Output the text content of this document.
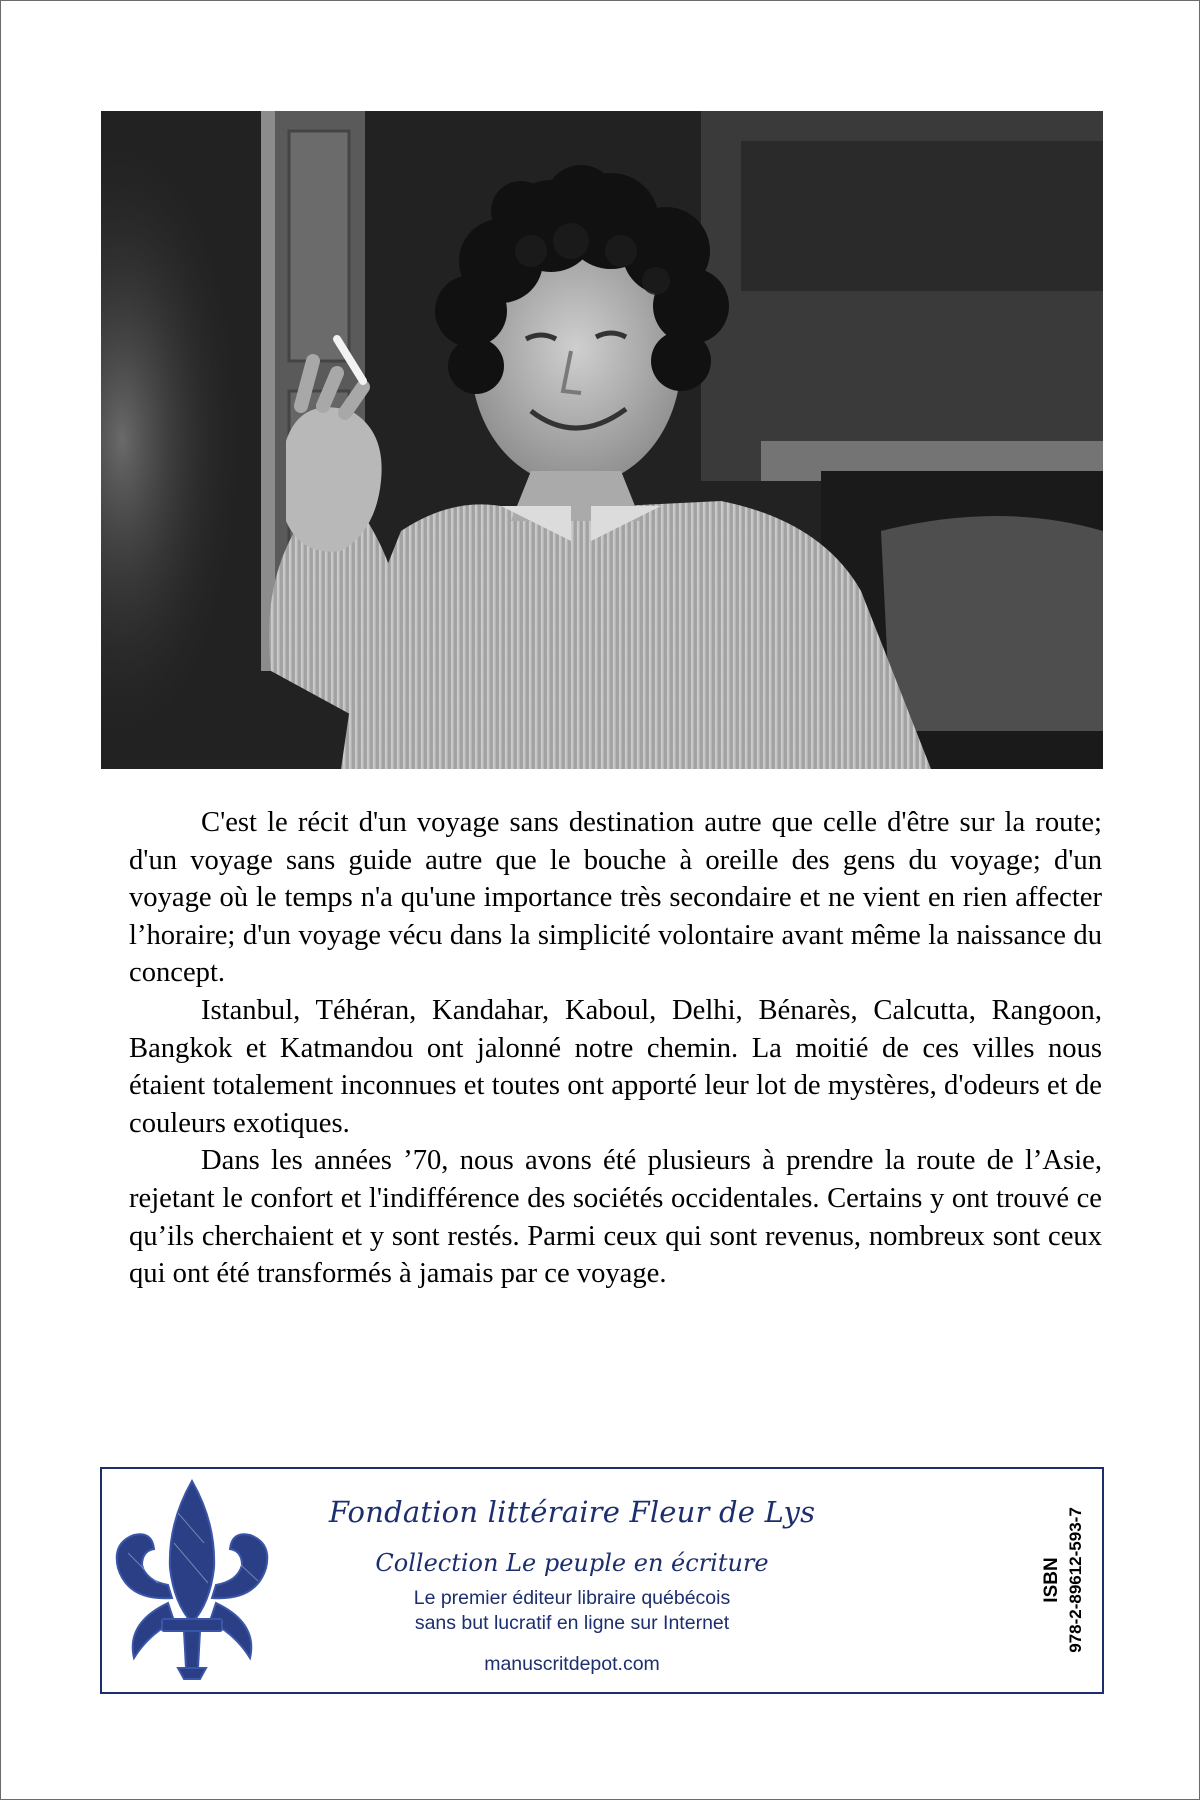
C'est le récit d'un voyage sans destination autre que celle d'être sur la route; d'un voyage sans guide autre que le bouche à oreille des gens du voyage; d'un voyage où le temps n'a qu'une importance très secondaire et ne vient en rien affecter l’horaire; d'un voyage vécu dans la simplicité volontaire avant même la naissance du concept.

Istanbul, Téhéran, Kandahar, Kaboul, Delhi, Bénarès, Calcutta, Rangoon, Bangkok et Katmandou ont jalonné notre chemin. La moitié de ces villes nous étaient totalement inconnues et toutes ont apporté leur lot de mystères, d'odeurs et de couleurs exotiques.

Dans les années ’70, nous avons été plusieurs à prendre la route de l’Asie, rejetant le confort et l'indifférence des sociétés occidentales. Certains y ont trouvé ce qu’ils cherchaient et y sont restés. Parmi ceux qui sont revenus, nombreux sont ceux qui ont été transformés à jamais par ce voyage.

Fondation littéraire Fleur de Lys
Collection Le peuple en écriture
Le premier éditeur libraire québécois
sans but lucratif en ligne sur Internet
manuscritdepot.com
ISBN 978-2-89612-593-7
